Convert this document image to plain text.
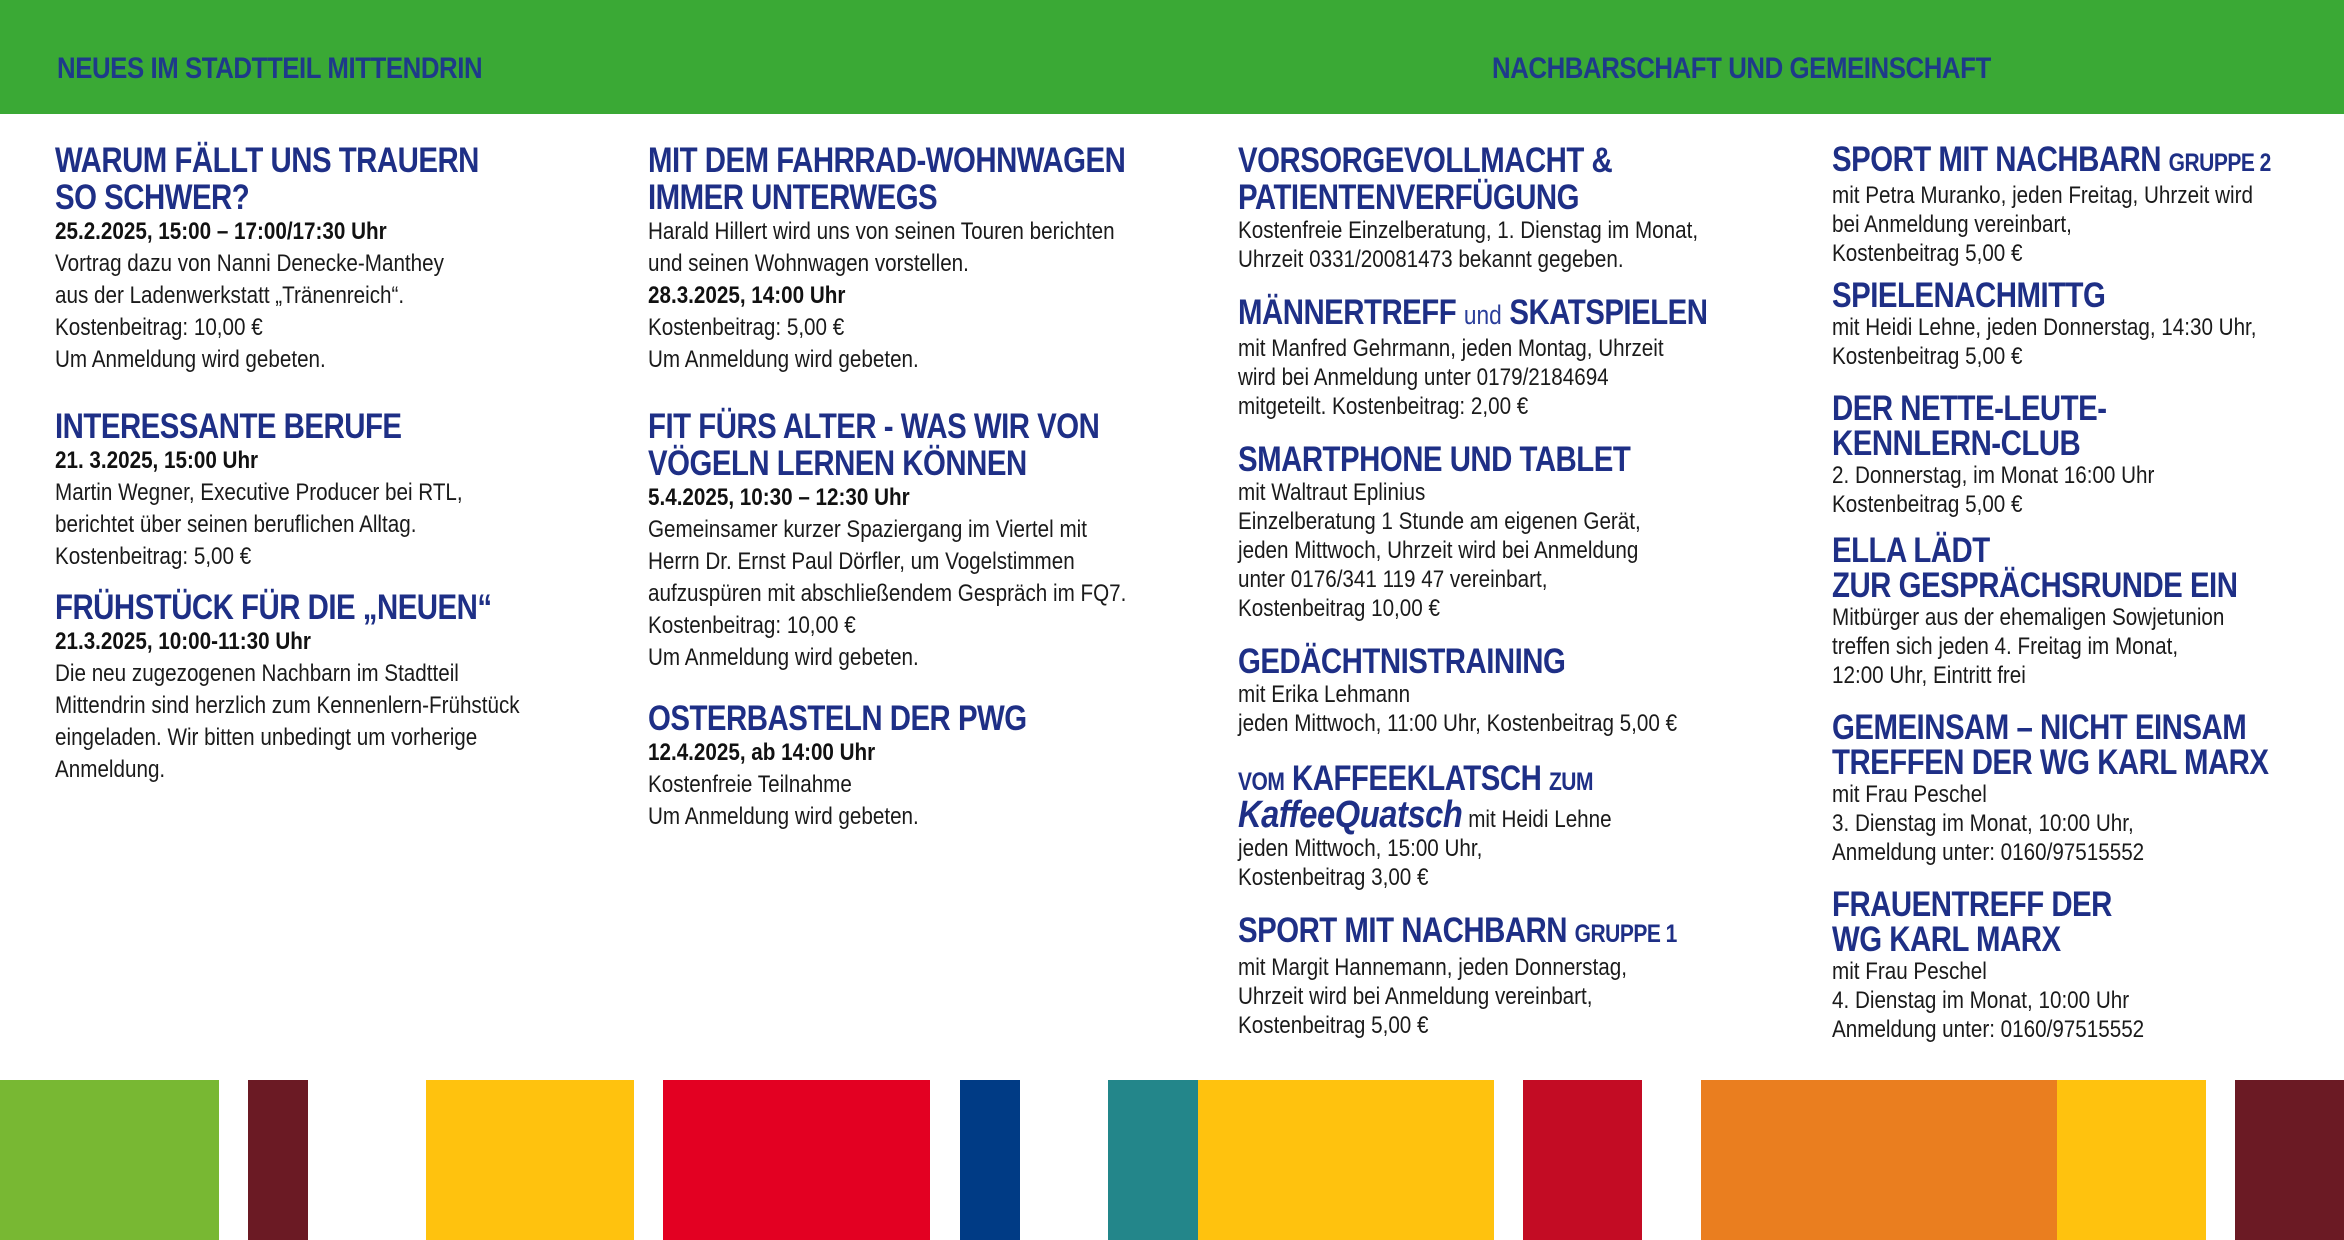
NEUES IM STADTTEIL MITTENDRIN	NACHBARSCHAFT UND GEMEINSCHAFT
WARUM FÄLLT UNS TRAUERN
SO SCHWER?
25.2.2025, 15:00 – 17:00/17:30 Uhr

Vortrag dazu von Nanni Denecke-Manthey

aus der Ladenwerkstatt „Tränenreich“.

Kostenbeitrag: 10,00 €

Um Anmeldung wird gebeten.

INTERESSANTE BERUFE
21. 3.2025, 15:00 Uhr

Martin Wegner, Executive Producer bei RTL,

berichtet über seinen beruflichen Alltag.

Kostenbeitrag: 5,00 €

FRÜHSTÜCK FÜR DIE „NEUEN“
21.3.2025, 10:00-11:30 Uhr

Die neu zugezogenen Nachbarn im Stadtteil

Mittendrin sind herzlich zum Kennenlern-Frühstück

eingeladen. Wir bitten unbedingt um vorherige

Anmeldung.

MIT DEM FAHRRAD-WOHNWAGEN
IMMER UNTERWEGS

Harald Hillert wird uns von seinen Touren berichten

und seinen Wohnwagen vorstellen.

28.3.2025, 14:00 Uhr

Kostenbeitrag: 5,00 €

Um Anmeldung wird gebeten.

FIT FÜRS ALTER - WAS WIR VON
VÖGELN LERNEN KÖNNEN
5.4.2025, 10:30 – 12:30 Uhr

Gemeinsamer kurzer Spaziergang im Viertel mit

Herrn Dr. Ernst Paul Dörfler, um Vogelstimmen

aufzuspüren mit abschließendem Gespräch im FQ7.

Kostenbeitrag: 10,00 €

Um Anmeldung wird gebeten.

OSTERBASTELN DER PWG
12.4.2025, ab 14:00 Uhr

Kostenfreie Teilnahme

Um Anmeldung wird gebeten.

VORSORGEVOLLMACHT &
PATIENTENVERFÜGUNG

Kostenfreie Einzelberatung, 1. Dienstag im Monat,

Uhrzeit 0331/20081473 bekannt gegeben.

MÄNNERTREFF und SKATSPIELEN

mit Manfred Gehrmann, jeden Montag, Uhrzeit

wird bei Anmeldung unter 0179/2184694

mitgeteilt. Kostenbeitrag: 2,00 €

SMARTPHONE UND TABLET

mit Waltraut Eplinius

Einzelberatung 1 Stunde am eigenen Gerät,

jeden Mittwoch, Uhrzeit wird bei Anmeldung

unter 0176/341 119 47 vereinbart,

Kostenbeitrag 10,00 €

GEDÄCHTNISTRAINING

mit Erika Lehmann

jeden Mittwoch, 11:00 Uhr, Kostenbeitrag 5,00 €

VOM KAFFEEKLATSCH ZUM

KaffeeQuatsch mit Heidi Lehne

jeden Mittwoch, 15:00 Uhr,

Kostenbeitrag 3,00 €

SPORT MIT NACHBARN GRUPPE 1

mit Margit Hannemann, jeden Donnerstag,

Uhrzeit wird bei Anmeldung vereinbart,

Kostenbeitrag 5,00 €

SPORT MIT NACHBARN GRUPPE 2

mit Petra Muranko, jeden Freitag, Uhrzeit wird

bei Anmeldung vereinbart,

Kostenbeitrag 5,00 €

SPIELENACHMITTG

mit Heidi Lehne, jeden Donnerstag, 14:30 Uhr,

Kostenbeitrag 5,00 €

DER NETTE-LEUTE-
KENNLERN-CLUB

2. Donnerstag, im Monat 16:00 Uhr

Kostenbeitrag 5,00 €

ELLA LÄDT
ZUR GESPRÄCHSRUNDE EIN

Mitbürger aus der ehemaligen Sowjetunion

treffen sich jeden 4. Freitag im Monat,

12:00 Uhr, Eintritt frei

GEMEINSAM – NICHT EINSAM
TREFFEN DER WG KARL MARX

mit Frau Peschel

3. Dienstag im Monat, 10:00 Uhr,

Anmeldung unter: 0160/97515552

FRAUENTREFF DER
WG KARL MARX

mit Frau Peschel

4. Dienstag im Monat, 10:00 Uhr

Anmeldung unter: 0160/97515552
